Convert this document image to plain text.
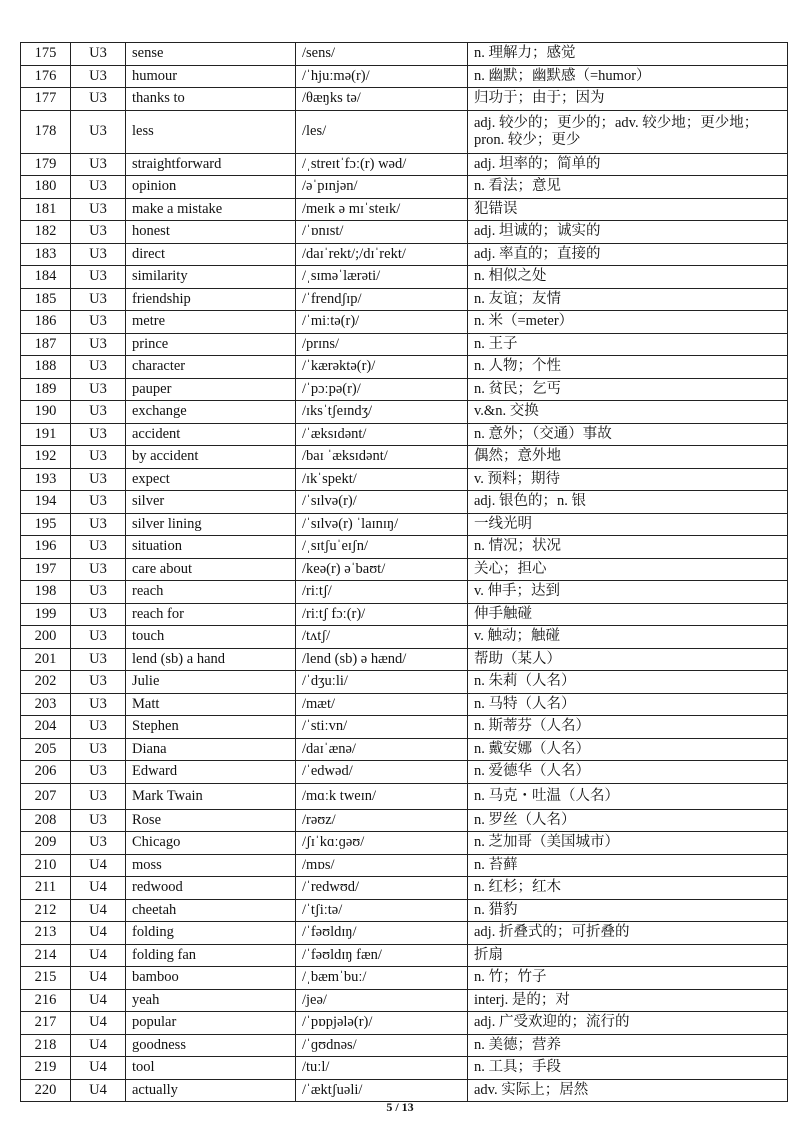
175	U3	sense	/sens/	n. 理解力；感觉
176	U3	humour	/ˈhjuːmə(r)/	n. 幽默；幽默感（=humor）
177	U3	thanks to	/θæŋks tə/	归功于；由于；因为
178	U3	less	/les/	adj. 较少的；更少的；adv. 较少地；更少地；pron. 较少；更少
179	U3	straightforward	/ˌstreɪtˈfɔː(r) wəd/	adj. 坦率的；简单的
180	U3	opinion	/əˈpɪnjən/	n. 看法；意见
181	U3	make a mistake	/meɪk ə mɪˈsteɪk/	犯错误
182	U3	honest	/ˈɒnɪst/	adj. 坦诚的；诚实的
183	U3	direct	/daɪˈrekt/;/dɪˈrekt/	adj. 率直的；直接的
184	U3	similarity	/ˌsɪməˈlærəti/	n. 相似之处
185	U3	friendship	/ˈfrendʃɪp/	n. 友谊；友情
186	U3	metre	/ˈmiːtə(r)/	n. 米（=meter）
187	U3	prince	/prɪns/	n. 王子
188	U3	character	/ˈkærəktə(r)/	n. 人物；个性
189	U3	pauper	/ˈpɔːpə(r)/	n. 贫民；乞丐
190	U3	exchange	/ɪksˈtʃeɪndʒ/	v.&n. 交换
191	U3	accident	/ˈæksɪdənt/	n. 意外；（交通）事故
192	U3	by accident	/baɪ ˈæksɪdənt/	偶然；意外地
193	U3	expect	/ɪkˈspekt/	v. 预料；期待
194	U3	silver	/ˈsɪlvə(r)/	adj. 银色的；n. 银
195	U3	silver lining	/ˈsɪlvə(r) ˈlaɪnɪŋ/	一线光明
196	U3	situation	/ˌsɪtʃuˈeɪʃn/	n. 情况；状况
197	U3	care about	/keə(r) əˈbaʊt/	关心；担心
198	U3	reach	/riːtʃ/	v. 伸手；达到
199	U3	reach for	/riːtʃ fɔː(r)/	伸手触碰
200	U3	touch	/tʌtʃ/	v. 触动；触碰
201	U3	lend (sb) a hand	/lend (sb) ə hænd/	帮助（某人）
202	U3	Julie	/ˈdʒuːli/	n. 朱莉（人名）
203	U3	Matt	/mæt/	n. 马特（人名）
204	U3	Stephen	/ˈstiːvn/	n. 斯蒂芬（人名）
205	U3	Diana	/daɪˈænə/	n. 戴安娜（人名）
206	U3	Edward	/ˈedwəd/	n. 爱德华（人名）
207	U3	Mark Twain	/mɑːk tweɪn/	n. 马克・吐温（人名）
208	U3	Rose	/rəʊz/	n. 罗丝（人名）
209	U3	Chicago	/ʃɪˈkɑːɡəʊ/	n. 芝加哥（美国城市）
210	U4	moss	/mɒs/	n. 苔藓
211	U4	redwood	/ˈredwʊd/	n. 红杉；红木
212	U4	cheetah	/ˈtʃiːtə/	n. 猎豹
213	U4	folding	/ˈfəʊldɪŋ/	adj. 折叠式的；可折叠的
214	U4	folding fan	/ˈfəʊldɪŋ fæn/	折扇
215	U4	bamboo	/ˌbæmˈbuː/	n. 竹；竹子
216	U4	yeah	/jeə/	interj. 是的；对
217	U4	popular	/ˈpɒpjələ(r)/	adj. 广受欢迎的；流行的
218	U4	goodness	/ˈɡʊdnəs/	n. 美德；营养
219	U4	tool	/tuːl/	n. 工具；手段
220	U4	actually	/ˈæktʃuəli/	adv. 实际上；居然
5 / 13
